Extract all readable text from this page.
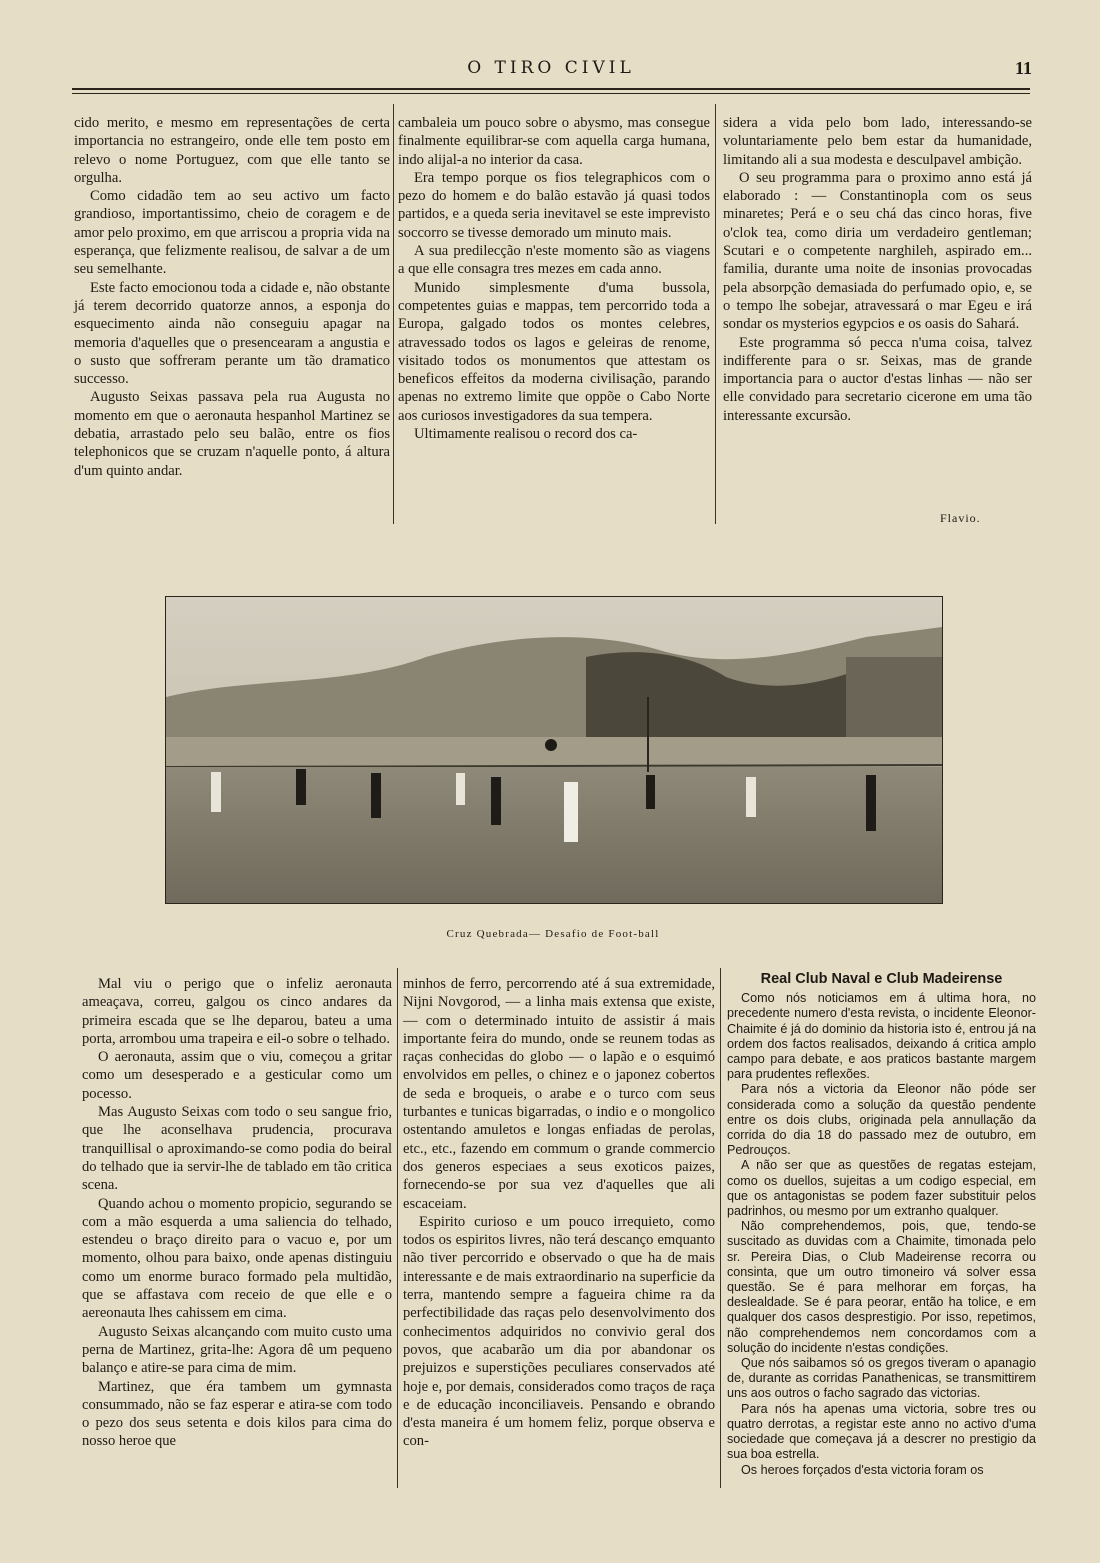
O TIRO CIVIL	11

cido merito, e mesmo em representações de certa importancia no estrangeiro, onde elle tem posto em relevo o nome Portuguez, com que elle tanto se orgulha.

Como cidadão tem ao seu activo um facto grandioso, importantissimo, cheio de coragem e de amor pelo proximo, em que arriscou a propria vida na esperança, que felizmente realisou, de salvar a de um seu semelhante.

Este facto emocionou toda a cidade e, não obstante já terem decorrido quatorze annos, a esponja do esquecimento ainda não conseguiu apagar na memoria d'aquelles que o presencearam a angustia e o susto que soffreram perante um tão dramatico successo.

Augusto Seixas passava pela rua Augusta no momento em que o aeronauta hespanhol Martinez se debatia, arrastado pelo seu balão, entre os fios telephonicos que se cruzam n'aquelle ponto, á altura d'um quinto andar.

cambaleia um pouco sobre o abysmo, mas consegue finalmente equilibrar-se com aquella carga humana, indo alijal-a no interior da casa.

Era tempo porque os fios telegraphicos com o pezo do homem e do balão estavão já quasi todos partidos, e a queda seria inevitavel se este imprevisto soccorro se tivesse demorado um minuto mais.

A sua predilecção n'este momento são as viagens a que elle consagra tres mezes em cada anno.

Munido simplesmente d'uma bussola, competentes guias e mappas, tem percorrido toda a Europa, galgado todos os montes celebres, atravessado todos os lagos e geleiras de renome, visitado todos os monumentos que attestam os beneficos effeitos da moderna civilisação, parando apenas no extremo limite que oppõe o Cabo Norte aos curiosos investigadores da sua tempera.

Ultimamente realisou o record dos ca-

sidera a vida pelo bom lado, interessando-se voluntariamente pelo bem estar da humanidade, limitando ali a sua modesta e desculpavel ambição.

O seu programma para o proximo anno está já elaborado : — Constantinopla com os seus minaretes; Perá e o seu chá das cinco horas, five o'clok tea, como diria um verdadeiro gentleman; Scutari e o competente narghileh, aspirado em... familia, durante uma noite de insonias provocadas pela absorpção demasiada do perfumado opio, e, se o tempo lhe sobejar, atravessará o mar Egeu e irá sondar os mysterios egypcios e os oasis do Sahará.

Este programma só pecca n'uma coisa, talvez indifferente para o sr. Seixas, mas de grande importancia para o auctor d'estas linhas — não ser elle convidado para secretario cicerone em uma tão interessante excursão.

Flavio.
Cruz Quebrada— Desafio de Foot-ball

Mal viu o perigo que o infeliz aeronauta ameaçava, correu, galgou os cinco andares da primeira escada que se lhe deparou, bateu a uma porta, arrombou uma trapeira e eil-o sobre o telhado.

O aeronauta, assim que o viu, começou a gritar como um desesperado e a gesticular como um pocesso.

Mas Augusto Seixas com todo o seu sangue frio, que lhe aconselhava prudencia, procurava tranquillisal o aproximando-se como podia do beiral do telhado que ia servir-lhe de tablado em tão critica scena.

Quando achou o momento propicio, segurando se com a mão esquerda a uma saliencia do telhado, estendeu o braço direito para o vacuo e, por um momento, olhou para baixo, onde apenas distinguiu como um enorme buraco formado pela multidão, que se affastava com receio de que elle e o aereonauta lhes cahissem em cima.

Augusto Seixas alcançando com muito custo uma perna de Martinez, grita-lhe: Agora dê um pequeno balanço e atire-se para cima de mim.

Martinez, que éra tambem um gymnasta consummado, não se faz esperar e atira-se com todo o pezo dos seus setenta e dois kilos para cima do nosso heroe que

minhos de ferro, percorrendo até á sua extremidade, Nijni Novgorod, — a linha mais extensa que existe, — com o determinado intuito de assistir á mais importante feira do mundo, onde se reunem todas as raças conhecidas do globo — o lapão e o esquimó envolvidos em pelles, o chinez e o japonez cobertos de seda e broqueis, o arabe e o turco com seus turbantes e tunicas bigarradas, o indio e o mongolico ostentando amuletos e longas enfiadas de perolas, etc., etc., fazendo em commum o grande commercio dos generos especiaes a seus exoticos paizes, fornecendo-se por sua vez d'aquelles que ali escaceiam.

Espirito curioso e um pouco irrequieto, como todos os espiritos livres, não terá descanço emquanto não tiver percorrido e observado o que ha de mais interessante e de mais extraordinario na superficie da terra, mantendo sempre a fagueira chime ra da perfectibilidade das raças pelo desenvolvimento dos conhecimentos adquiridos no convivio geral dos povos, que acabarão um dia por abandonar os prejuizos e superstições peculiares conservados até hoje e, por demais, considerados como traços de raça e de educação inconciliaveis. Pensando e obrando d'esta maneira é um homem feliz, porque observa e con-

Real Club Naval e Club Madeirense

Como nós noticiamos em á ultima hora, no precedente numero d'esta revista, o incidente Eleonor-Chaimite é já do dominio da historia isto é, entrou já na ordem dos factos realisados, deixando á critica amplo campo para debate, e aos praticos bastante margem para prudentes reflexões.

Para nós a victoria da Eleonor não póde ser considerada como a solução da questão pendente entre os dois clubs, originada pela annullação da corrida do dia 18 do passado mez de outubro, em Pedrouços.

A não ser que as questões de regatas estejam, como os duellos, sujeitas a um codigo especial, em que os antagonistas se podem fazer substituir pelos padrinhos, ou mesmo por um extranho qualquer.

Não comprehendemos, pois, que, tendo-se suscitado as duvidas com a Chaimite, timonada pelo sr. Pereira Dias, o Club Madeirense recorra ou consinta, que um outro timoneiro vá solver essa questão. Se é para melhorar em forças, ha deslealdade. Se é para peorar, então ha tolice, e em qualquer dos casos desprestigio. Por isso, repetimos, não comprehendemos nem concordamos com a solução do incidente n'estas condições.

Que nós saibamos só os gregos tiveram o apanagio de, durante as corridas Panathenicas, se transmittirem uns aos outros o facho sagrado das victorias.

Para nós ha apenas uma victoria, sobre tres ou quatro derrotas, a registar este anno no activo d'uma sociedade que começava já a descrer no prestigio da sua boa estrella.

Os heroes forçados d'esta victoria foram os
